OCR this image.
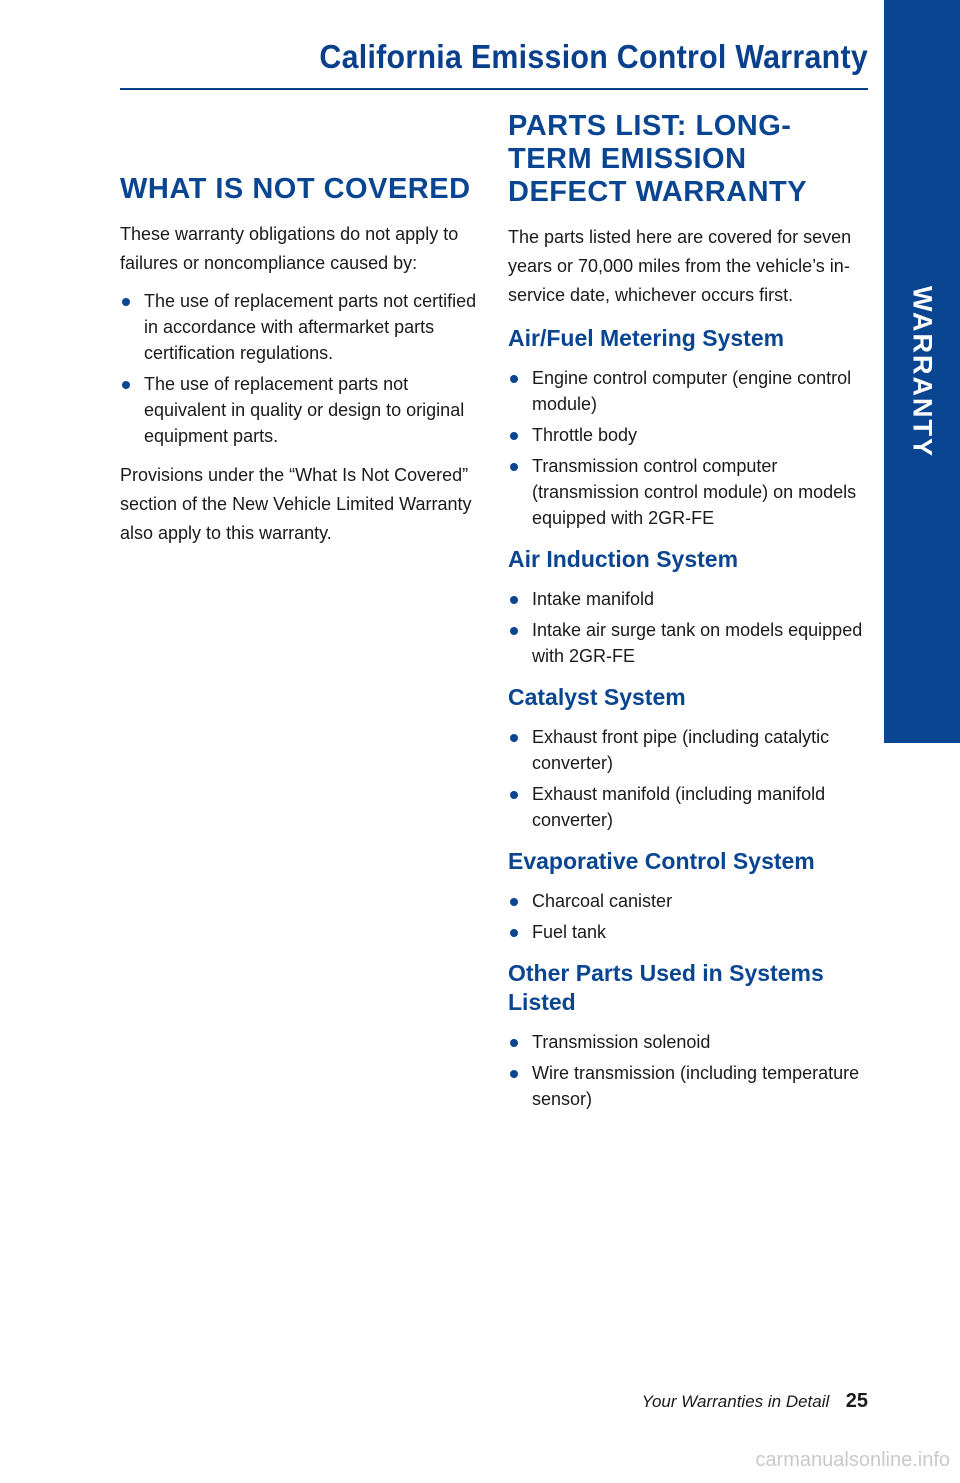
California Emission Control Warranty
WARRANTY
WHAT IS NOT COVERED

These warranty obligations do not apply to failures or noncompliance caused by:

The use of replacement parts not certified in accordance with aftermarket parts certification regulations.
The use of replacement parts not equivalent in quality or design to original equipment parts.

Provisions under the “What Is Not Covered” section of the New Vehicle Limited Warranty also apply to this warranty.

PARTS LIST: LONG-TERM EMISSION DEFECT WARRANTY

The parts listed here are covered for seven years or 70,000 miles from the vehicle’s in-service date, whichever occurs first.

Air/Fuel Metering System
Engine control computer (engine control module)
Throttle body
Transmission control computer (transmission control module) on models equipped with 2GR-FE
Air Induction System
Intake manifold
Intake air surge tank on models equipped with 2GR-FE
Catalyst System
Exhaust front pipe (including catalytic converter)
Exhaust manifold (including manifold converter)
Evaporative Control System
Charcoal canister
Fuel tank
Other Parts Used in Systems Listed
Transmission solenoid
Wire transmission (including temperature sensor)
Your Warranties in Detail 25
carmanualsonline.info
